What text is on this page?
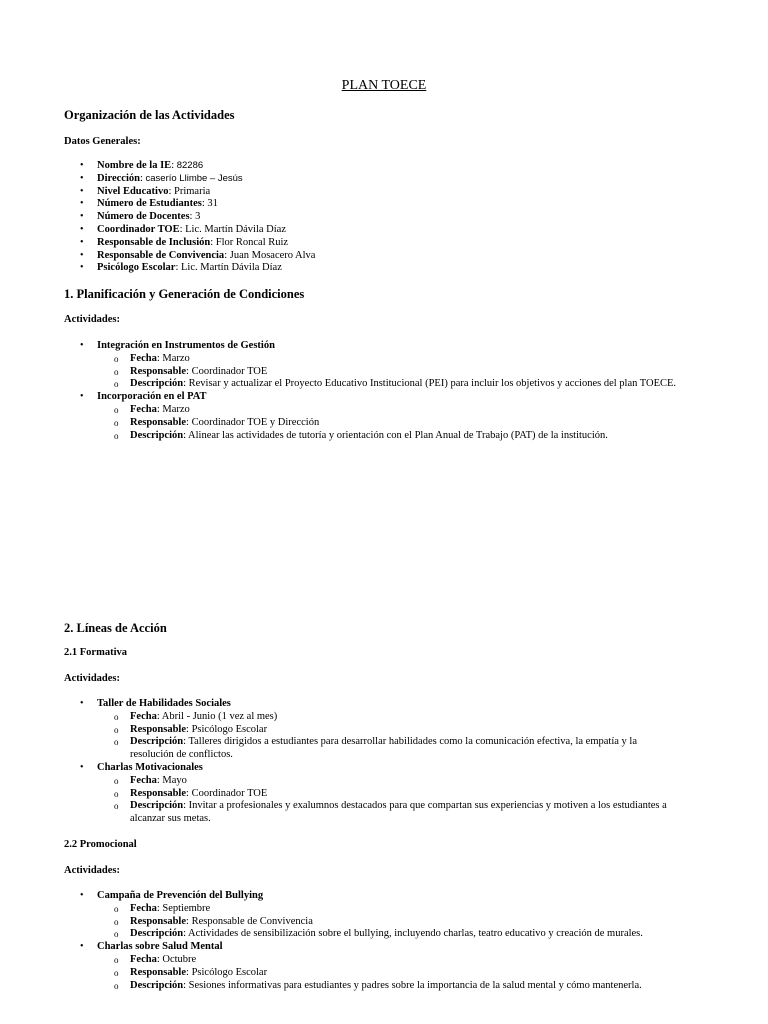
PLAN TOECE
Organización de las Actividades
Datos Generales:
• Nombre de la IE: 82286
• Dirección: caserío Llimbe – Jesús
• Nivel Educativo: Primaria
• Número de Estudiantes: 31
• Número de Docentes: 3
• Coordinador TOE: Lic. Martín Dávila Díaz
• Responsable de Inclusión: Flor Roncal Ruiz
• Responsable de Convivencia: Juan Mosacero Alva
• Psicólogo Escolar: Lic. Martín Dávila Díaz
1. Planificación y Generación de Condiciones
Actividades:
• Integración en Instrumentos de Gestión
o Fecha: Marzo
o Responsable: Coordinador TOE
o Descripción: Revisar y actualizar el Proyecto Educativo Institucional (PEI) para incluir los objetivos y acciones del plan TOECE.
• Incorporación en el PAT
o Fecha: Marzo
o Responsable: Coordinador TOE y Dirección
o Descripción: Alinear las actividades de tutoría y orientación con el Plan Anual de Trabajo (PAT) de la institución.
2. Líneas de Acción
2.1 Formativa
Actividades:
• Taller de Habilidades Sociales
o Fecha: Abril - Junio (1 vez al mes)
o Responsable: Psicólogo Escolar
o Descripción: Talleres dirigidos a estudiantes para desarrollar habilidades como la comunicación efectiva, la empatía y la
resolución de conflictos.
• Charlas Motivacionales
o Fecha: Mayo
o Responsable: Coordinador TOE
o Descripción: Invitar a profesionales y exalumnos destacados para que compartan sus experiencias y motiven a los estudiantes a
alcanzar sus metas.
2.2 Promocional
Actividades:
• Campaña de Prevención del Bullying
o Fecha: Septiembre
o Responsable: Responsable de Convivencia
o Descripción: Actividades de sensibilización sobre el bullying, incluyendo charlas, teatro educativo y creación de murales.
• Charlas sobre Salud Mental
o Fecha: Octubre
o Responsable: Psicólogo Escolar
o Descripción: Sesiones informativas para estudiantes y padres sobre la importancia de la salud mental y cómo mantenerla.
